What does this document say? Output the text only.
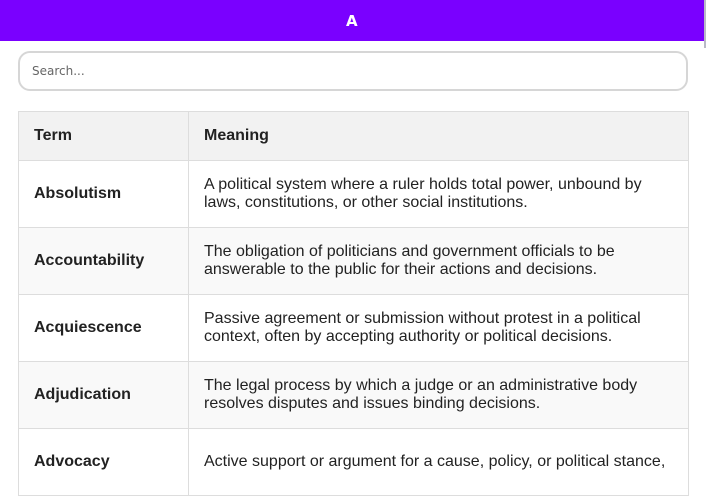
A
Search...
Term	Meaning
Absolutism	A political system where a ruler holds total power, unbound by laws, constitutions, or other social institutions.
Accountability	The obligation of politicians and government officials to be answerable to the public for their actions and decisions.
Acquiescence	Passive agreement or submission without protest in a political context, often by accepting authority or political decisions.
Adjudication	The legal process by which a judge or an administrative body resolves disputes and issues binding decisions.
Advocacy	Active support or argument for a cause, policy, or political stance,
